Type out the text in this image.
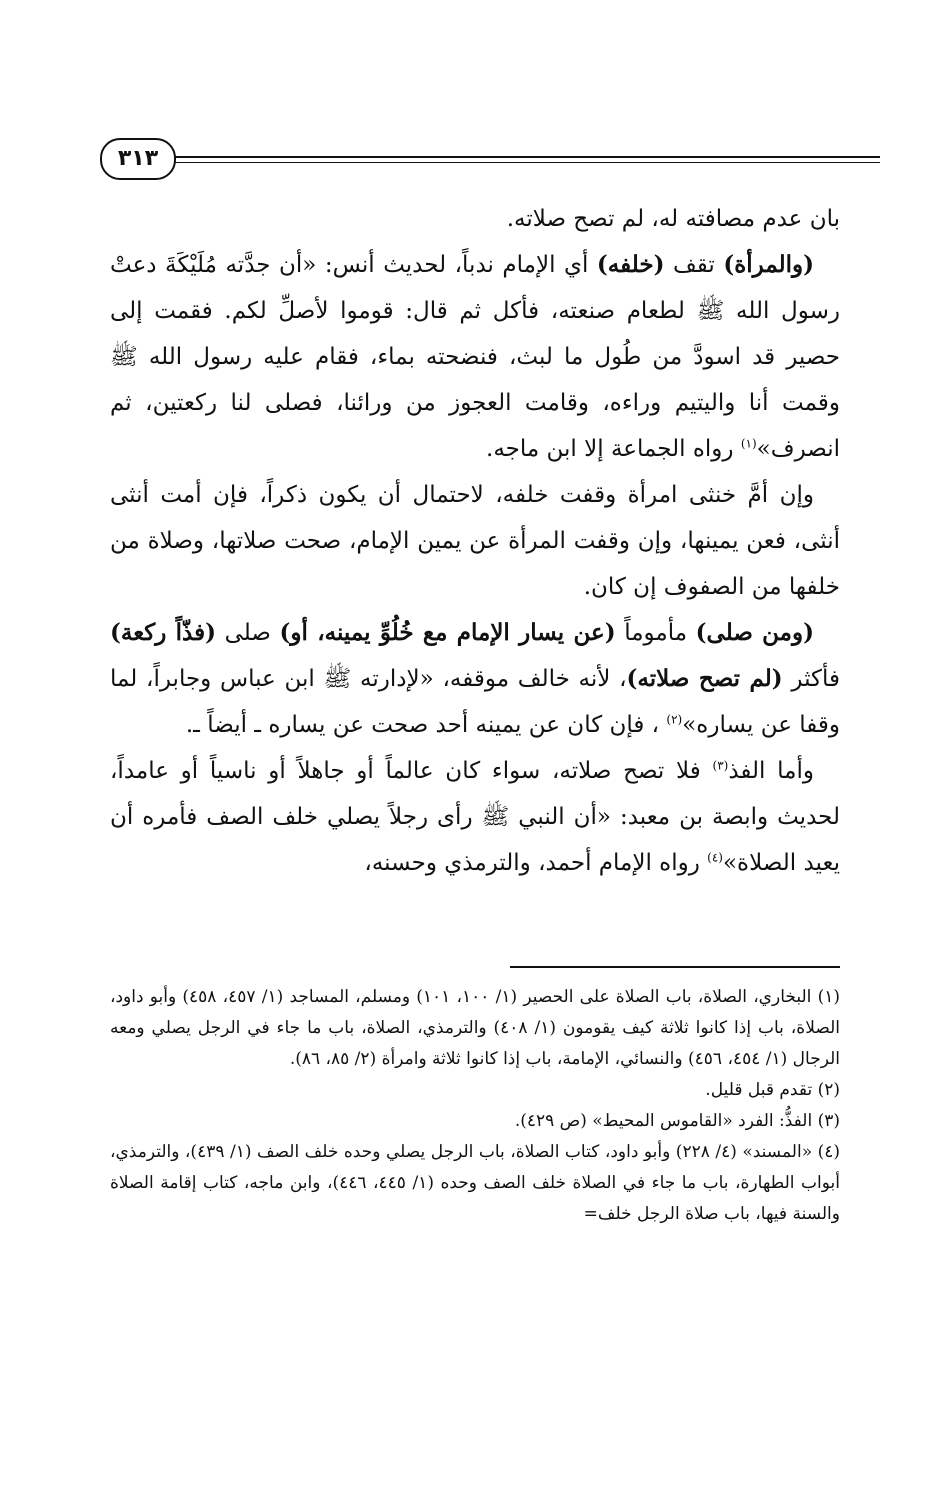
٣١٣

بان عدم مصافته له، لم تصح صلاته.

(والمرأة) تقف (خلفه) أي الإمام ندباً، لحديث أنس: «أن جدَّته مُلَيْكَةَ دعتْ رسول الله ﷺ لطعام صنعته، فأكل ثم قال: قوموا لأصلِّ لكم. فقمت إلى حصير قد اسودَّ من طُول ما لبث، فنضحته بماء، فقام عليه رسول الله ﷺ وقمت أنا واليتيم وراءه، وقامت العجوز من ورائنا، فصلى لنا ركعتين، ثم انصرف»$^{(١)}$ رواه الجماعة إلا ابن ماجه.

وإن أمَّ خنثى امرأة وقفت خلفه، لاحتمال أن يكون ذكراً، فإن أمت أنثى أنثى، فعن يمينها، وإن وقفت المرأة عن يمين الإمام، صحت صلاتها، وصلاة من خلفها من الصفوف إن كان.

(ومن صلى) مأموماً (عن يسار الإمام مع خُلُوِّ يمينه، أو) صلى (فذّاً ركعة) فأكثر (لم تصح صلاته)، لأنه خالف موقفه، «لإدارته ﷺ ابن عباس وجابراً، لما وقفا عن يساره»$^{(٢)}$ ، فإن كان عن يمينه أحد صحت عن يساره ـ أيضاً ـ.

وأما الفذ$^{(٣)}$ فلا تصح صلاته، سواء كان عالماً أو جاهلاً أو ناسياً أو عامداً، لحديث وابصة بن معبد: «أن النبي ﷺ رأى رجلاً يصلي خلف الصف فأمره أن يعيد الصلاة»$^{(٤)}$ رواه الإمام أحمد، والترمذي وحسنه،

(١) البخاري، الصلاة، باب الصلاة على الحصير (١/ ١٠٠، ١٠١) ومسلم، المساجد (١/ ٤٥٧، ٤٥٨) وأبو داود، الصلاة، باب إذا كانوا ثلاثة كيف يقومون (١/ ٤٠٨) والترمذي، الصلاة، باب ما جاء في الرجل يصلي ومعه الرجال (١/ ٤٥٤، ٤٥٦) والنسائي، الإمامة، باب إذا كانوا ثلاثة وامرأة (٢/ ٨٥، ٨٦).

(٢) تقدم قبل قليل.

(٣) الفذُّ: الفرد «القاموس المحيط» (ص ٤٢٩).

(٤) «المسند» (٤/ ٢٢٨) وأبو داود، كتاب الصلاة، باب الرجل يصلي وحده خلف الصف (١/ ٤٣٩)، والترمذي، أبواب الطهارة، باب ما جاء في الصلاة خلف الصف وحده (١/ ٤٤٥، ٤٤٦)، وابن ماجه، كتاب إقامة الصلاة والسنة فيها، باب صلاة الرجل خلف=
